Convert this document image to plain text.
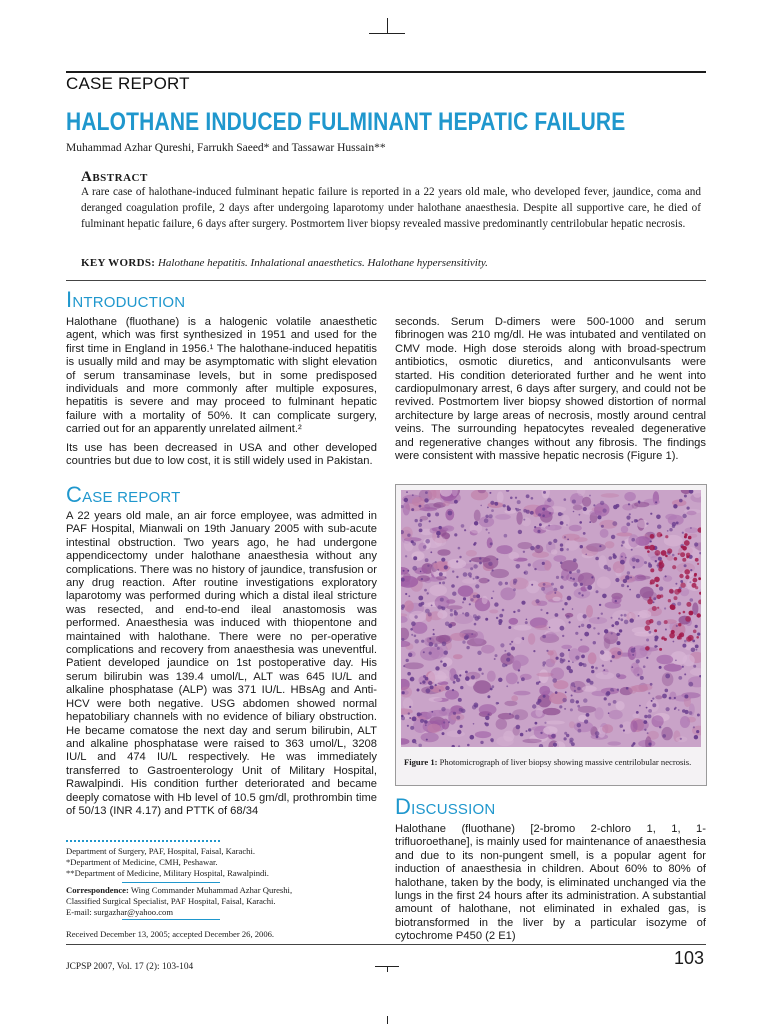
CASE REPORT
HALOTHANE INDUCED FULMINANT HEPATIC FAILURE
Muhammad Azhar Qureshi, Farrukh Saeed* and Tassawar Hussain**
ABSTRACT
A rare case of halothane-induced fulminant hepatic failure is reported in a 22 years old male, who developed fever, jaundice, coma and deranged coagulation profile, 2 days after undergoing laparotomy under halothane anaesthesia. Despite all supportive care, he died of fulminant hepatic failure, 6 days after surgery. Postmortem liver biopsy revealed massive predominantly centrilobular hepatic necrosis.
KEY WORDS: Halothane hepatitis. Inhalational anaesthetics. Halothane hypersensitivity.
INTRODUCTION

Halothane (fluothane) is a halogenic volatile anaesthetic agent, which was first synthesized in 1951 and used for the first time in England in 1956.¹ The halothane-induced hepatitis is usually mild and may be asymptomatic with slight elevation of serum transaminase levels, but in some predisposed individuals and more commonly after multiple exposures, hepatitis is severe and may proceed to fulminant hepatic failure with a mortality of 50%. It can complicate surgery, carried out for an apparently unrelated ailment.²

Its use has been decreased in USA and other developed countries but due to low cost, it is still widely used in Pakistan.

CASE REPORT

A 22 years old male, an air force employee, was admitted in PAF Hospital, Mianwali on 19th January 2005 with sub-acute intestinal obstruction. Two years ago, he had undergone appendicectomy under halothane anaesthesia without any complications. There was no history of jaundice, transfusion or any drug reaction. After routine investigations exploratory laparotomy was performed during which a distal ileal stricture was resected, and end-to-end ileal anastomosis was performed. Anaesthesia was induced with thiopentone and maintained with halothane. There were no per-operative complications and recovery from anaesthesia was uneventful. Patient developed jaundice on 1st postoperative day. His serum bilirubin was 139.4 umol/L, ALT was 645 IU/L and alkaline phosphatase (ALP) was 371 IU/L. HBsAg and Anti-HCV were both negative. USG abdomen showed normal hepatobiliary channels with no evidence of biliary obstruction. He became comatose the next day and serum bilirubin, ALT and alkaline phosphatase were raised to 363 umol/L, 3208 IU/L and 474 IU/L respectively. He was immediately transferred to Gastroenterology Unit of Military Hospital, Rawalpindi. His condition further deteriorated and became deeply comatose with Hb level of 10.5 gm/dl, prothrombin time of 50/13 (INR 4.17) and PTTK of 68/34

seconds. Serum D-dimers were 500-1000 and serum fibrinogen was 210 mg/dl. He was intubated and ventilated on CMV mode. High dose steroids along with broad-spectrum antibiotics, osmotic diuretics, and anticonvulsants were started. His condition deteriorated further and he went into cardiopulmonary arrest, 6 days after surgery, and could not be revived. Postmortem liver biopsy showed distortion of normal architecture by large areas of necrosis, mostly around central veins. The surrounding hepatocytes revealed degenerative and regenerative changes without any fibrosis. The findings were consistent with massive hepatic necrosis (Figure 1).

Figure 1: Photomicrograph of liver biopsy showing massive centrilobular necrosis.
DISCUSSION

Halothane (fluothane) [2-bromo 2-chloro 1, 1, 1-trifluoroethane], is mainly used for maintenance of anaesthesia and due to its non-pungent smell, is a popular agent for induction of anaesthesia in children. About 60% to 80% of halothane, taken by the body, is eliminated unchanged via the lungs in the first 24 hours after its administration. A substantial amount of halothane, not eliminated in exhaled gas, is biotransformed in the liver by a particular isozyme of cytochrome P450 (2 E1)

Department of Surgery, PAF, Hospital, Faisal, Karachi.
*Department of Medicine, CMH, Peshawar.
**Department of Medicine, Military Hospital, Rawalpindi.
Correspondence: Wing Commander Muhammad Azhar Qureshi,
Classified Surgical Specialist, PAF Hospital, Faisal, Karachi.
E-mail: surgazhar@yahoo.com
Received December 13, 2005; accepted December 26, 2006.
JCPSP 2007, Vol. 17 (2): 103-104	103
